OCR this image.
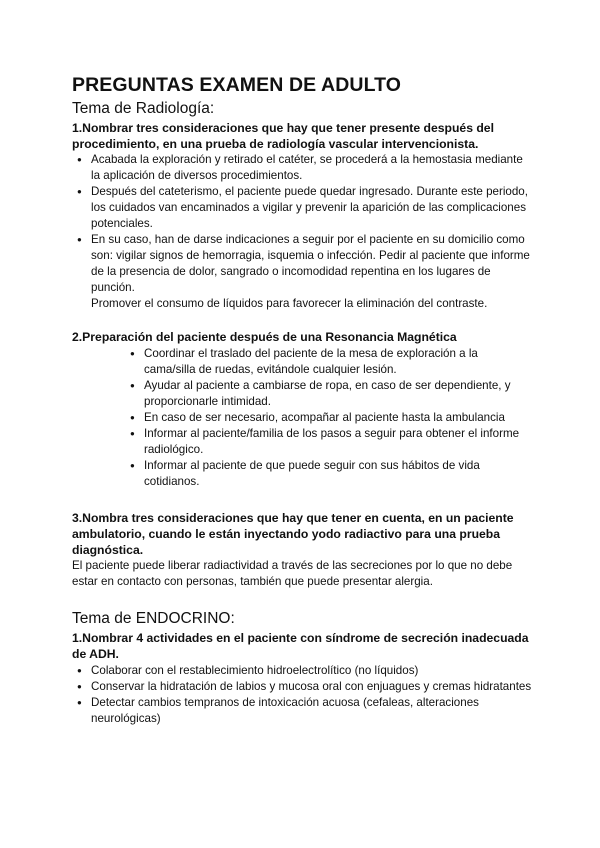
PREGUNTAS EXAMEN DE ADULTO
Tema de Radiología:

1.Nombrar tres consideraciones que hay que tener presente después del procedimiento, en una prueba de radiología vascular intervencionista.

● Acabada la exploración y retirado el catéter, se procederá a la hemostasia mediante la aplicación de diversos procedimientos.
● Después del cateterismo, el paciente puede quedar ingresado. Durante este periodo, los cuidados van encaminados a vigilar y prevenir la aparición de las complicaciones potenciales.

● En su caso, han de darse indicaciones a seguir por el paciente en su domicilio como son: vigilar signos de hemorragia, isquemia o infección. Pedir al paciente que informe de la presencia de dolor, sangrado o incomodidad repentina en los lugares de punción.

Promover el consumo de líquidos para favorecer la eliminación del contraste.

2.Preparación del paciente después de una Resonancia Magnética

● Coordinar el traslado del paciente de la mesa de exploración a la cama/silla de ruedas, evitándole cualquier lesión.
● Ayudar al paciente a cambiarse de ropa, en caso de ser dependiente, y proporcionarle intimidad.
● En caso de ser necesario, acompañar al paciente hasta la ambulancia
● Informar al paciente/familia de los pasos a seguir para obtener el informe radiológico.
● Informar al paciente de que puede seguir con sus hábitos de vida cotidianos.

3.Nombra tres consideraciones que hay que tener en cuenta, en un paciente ambulatorio, cuando le están inyectando yodo radiactivo para una prueba diagnóstica.

El paciente puede liberar radiactividad a través de las secreciones por lo que no debe estar en contacto con personas, también que puede presentar alergia.

Tema de ENDOCRINO:

1.Nombrar 4 actividades en el paciente con síndrome de secreción inadecuada de ADH.

● Colaborar con el restablecimiento hidroelectrolítico (no líquidos)
● Conservar la hidratación de labios y mucosa oral con enjuagues y cremas hidratantes
● Detectar cambios tempranos de intoxicación acuosa (cefaleas, alteraciones neurológicas)
